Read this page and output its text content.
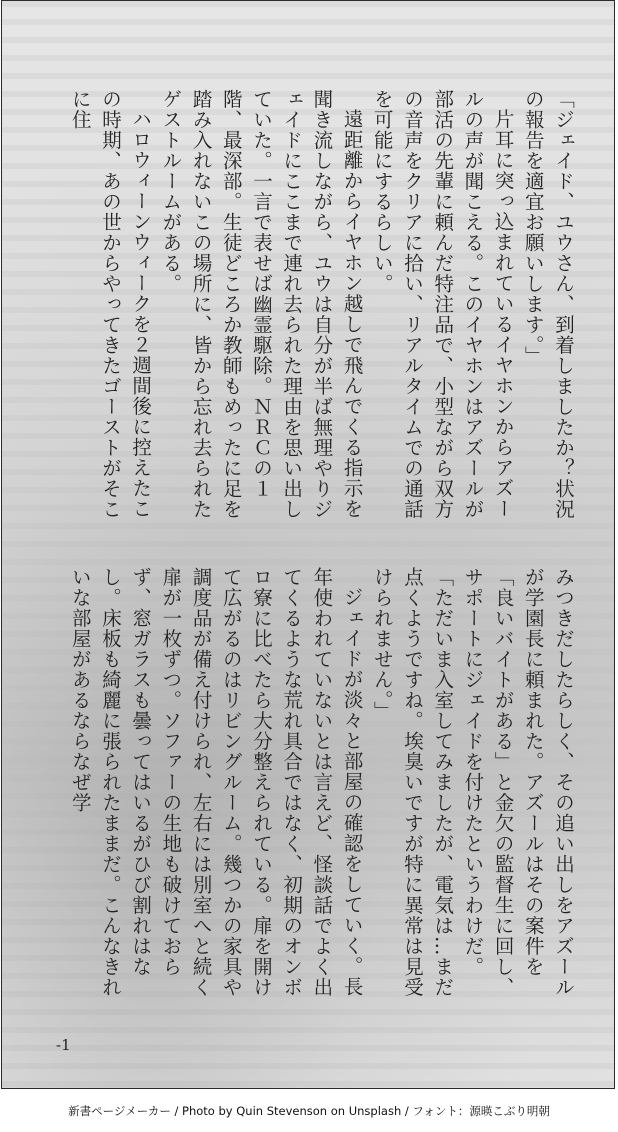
「ジェイド、ユウさん、到着しましたか？状況の報告を適宜お願いします。」

片耳に突っ込まれているイヤホンからアズールの声が聞こえる。このイヤホンはアズールが部活の先輩に頼んだ特注品で、小型ながら双方の音声をクリアに拾い、リアルタイムでの通話を可能にするらしい。

遠距離からイヤホン越しで飛んでくる指示を聞き流しながら、ユウは自分が半ば無理やりジェイドにここまで連れ去られた理由を思い出していた。一言で表せば幽霊駆除。ＮＲＣの１階、最深部。生徒どころか教師もめったに足を踏み入れないこの場所に、皆から忘れ去られたゲストルームがある。

ハロウィーンウィークを２週間後に控えたこの時期、あの世からやってきたゴーストがそこに住

みつきだしたらしく、その追い出しをアズールが学園長に頼まれた。アズールはその案件を「良いバイトがある」と金欠の監督生に回し、サポートにジェイドを付けたというわけだ。

「ただいま入室してみましたが、電気は…まだ点くようですね。埃臭いですが特に異常は見受けられません。」

ジェイドが淡々と部屋の確認をしていく。長年使われていないとは言えど、怪談話でよく出てくるような荒れ具合ではなく、初期のオンボロ寮に比べたら大分整えられている。扉を開けて広がるのはリビングルーム。幾つかの家具や調度品が備え付けられ、左右には別室へと続く扉が一枚ずつ。ソファーの生地も破けておらず、窓ガラスも曇ってはいるがひび割れはなし。床板も綺麗に張られたままだ。こんなきれいな部屋があるならなぜ学

-1
新書ページメーカー / Photo by Quin Stevenson on Unsplash / フォント：源暎こぶり明朝
